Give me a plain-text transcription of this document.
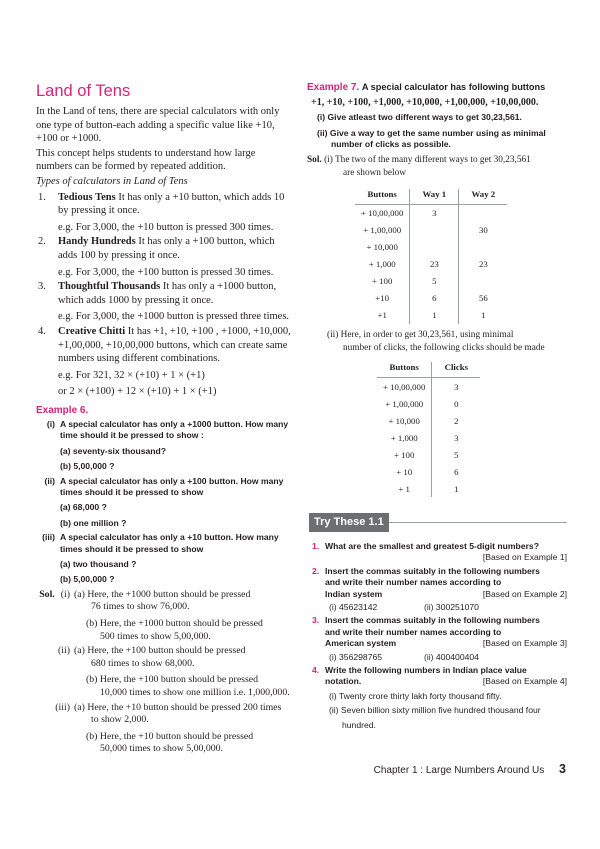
Land of Tens

In the Land of tens, there are special calculators with only one type of button-each adding a specific value like +10, +100 or +1000.

This concept helps students to understand how large numbers can be formed by repeated addition.

Types of calculators in Land of Tens

1.	Tedious Tens It has only a +10 button, which adds 10 by pressing it once.
e.g. For 3,000, the +10 button is pressed 300 times.
2.	Handy Hundreds It has only a +100 button, which adds 100 by pressing it once.
e.g. For 3,000, the +100 button is pressed 30 times.
3.	Thoughtful Thousands It has only a +1000 button, which adds 1000 by pressing it once.
e.g. For 3,000, the +1000 button is pressed three times.
4.	Creative Chitti It has +1, +10, +100 , +1000, +10,000, +1,00,000, +10,00,000 buttons, which can create same numbers using different combinations.
e.g. For 321, 32 × (+10) + 1 × (+1)
or 2 × (+100) + 12 × (+10) + 1 × (+1)
Example 6.
(i) A special calculator has only a +1000 button. How many time should it be pressed to show :
(a) seventy-six thousand?
(b) 5,00,000 ?
(ii) A special calculator has only a +100 button. How many times should it be pressed to show
(a) 68,000 ?
(b) one million ?
(iii) A special calculator has only a +10 button. How many times should it be pressed to show
(a) two thousand ?
(b) 5,00,000 ?
Sol. (i) (a) Here, the +1000 button should be pressed
76 times to show 76,000.
(b) Here, the +1000 button should be pressed
500 times to show 5,00,000.
(ii) (a) Here, the +100 button should be pressed
680 times to show 68,000.
(b) Here, the +100 button should be pressed
10,000 times to show one million i.e. 1,000,000.
(iii) (a) Here, the +10 button should be pressed 200 times
to show 2,000.
(b) Here, the +10 button should be pressed
50,000 times to show 5,00,000.
Example 7. A special calculator has following buttons
+1, +10, +100, +1,000, +10,000, +1,00,000, +10,00,000.
(i) Give atleast two different ways to get 30,23,561.
(ii) Give a way to get the same number using as minimal
number of clicks as possible.
Sol. (i) The two of the many different ways to get 30,23,561
are shown below
Buttons	Way 1	Way 2
+ 10,00,000	3	
+ 1,00,000		30
+ 10,000		
+ 1,000	23	23
+ 100	5	
+10	6	56
+1	1	1
(ii) Here, in order to get 30,23,561, using minimal
number of clicks, the following clicks should be made
Buttons	Clicks
+ 10,00,000	3
+ 1,00,000	0
+ 10,000	2
+ 1,000	3
+ 100	5
+ 10	6
+ 1	1
Try These 1.1
1. What are the smallest and greatest 5-digit numbers?
[Based on Example 1]
2. Insert the commas suitably in the following numbers
and write their number names according to
Indian system	[Based on Example 2]
(i) 45623142	(ii) 300251070
3. Insert the commas suitably in the following numbers
and write their number names according to
American system	[Based on Example 3]
(i) 356298765	(ii) 400400404
4. Write the following numbers in Indian place value
notation.	[Based on Example 4]
(i) Twenty crore thirty lakh forty thousand fifty.
(ii) Seven billion sixty million five hundred thousand four
hundred.
Chapter 1 : Large Numbers Around Us 3
